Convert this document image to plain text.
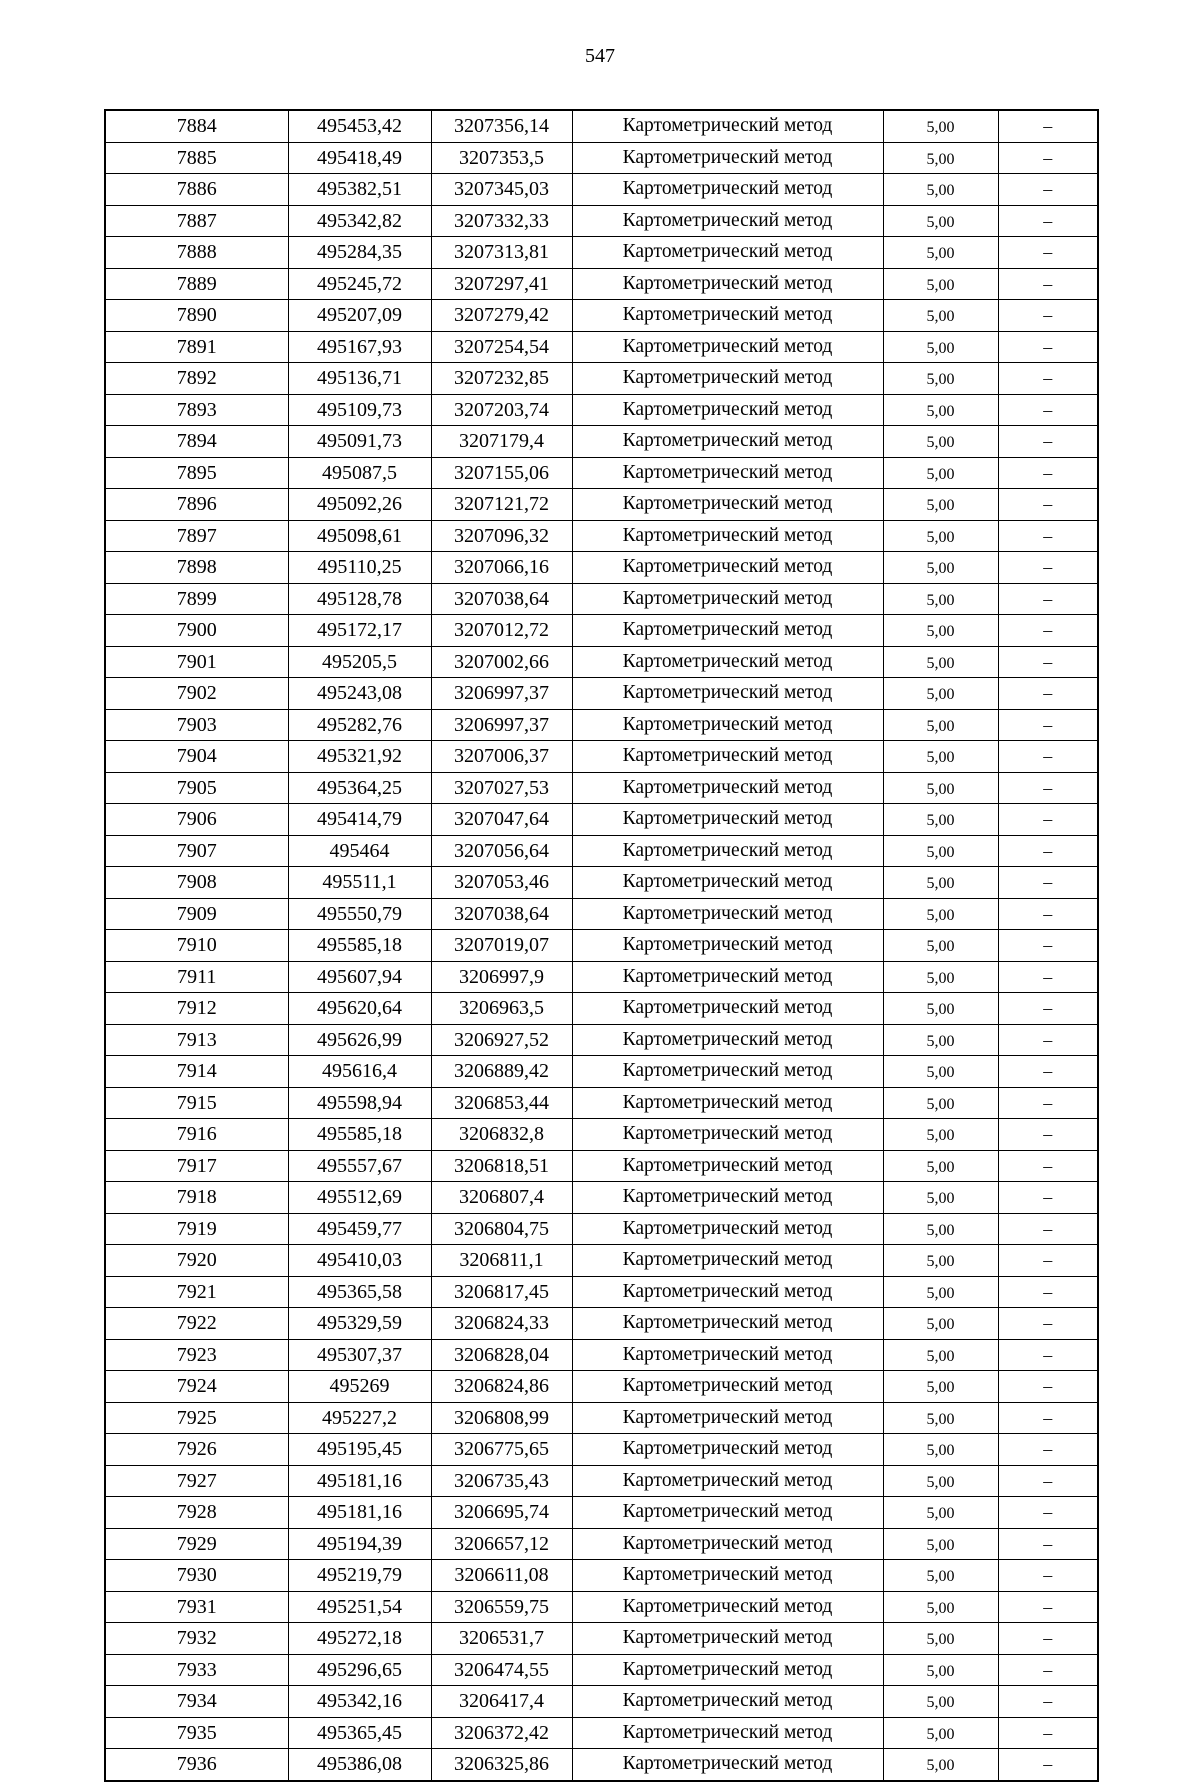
547
7884	495453,42	3207356,14	Картометрический метод	5,00	–
7885	495418,49	3207353,5	Картометрический метод	5,00	–
7886	495382,51	3207345,03	Картометрический метод	5,00	–
7887	495342,82	3207332,33	Картометрический метод	5,00	–
7888	495284,35	3207313,81	Картометрический метод	5,00	–
7889	495245,72	3207297,41	Картометрический метод	5,00	–
7890	495207,09	3207279,42	Картометрический метод	5,00	–
7891	495167,93	3207254,54	Картометрический метод	5,00	–
7892	495136,71	3207232,85	Картометрический метод	5,00	–
7893	495109,73	3207203,74	Картометрический метод	5,00	–
7894	495091,73	3207179,4	Картометрический метод	5,00	–
7895	495087,5	3207155,06	Картометрический метод	5,00	–
7896	495092,26	3207121,72	Картометрический метод	5,00	–
7897	495098,61	3207096,32	Картометрический метод	5,00	–
7898	495110,25	3207066,16	Картометрический метод	5,00	–
7899	495128,78	3207038,64	Картометрический метод	5,00	–
7900	495172,17	3207012,72	Картометрический метод	5,00	–
7901	495205,5	3207002,66	Картометрический метод	5,00	–
7902	495243,08	3206997,37	Картометрический метод	5,00	–
7903	495282,76	3206997,37	Картометрический метод	5,00	–
7904	495321,92	3207006,37	Картометрический метод	5,00	–
7905	495364,25	3207027,53	Картометрический метод	5,00	–
7906	495414,79	3207047,64	Картометрический метод	5,00	–
7907	495464	3207056,64	Картометрический метод	5,00	–
7908	495511,1	3207053,46	Картометрический метод	5,00	–
7909	495550,79	3207038,64	Картометрический метод	5,00	–
7910	495585,18	3207019,07	Картометрический метод	5,00	–
7911	495607,94	3206997,9	Картометрический метод	5,00	–
7912	495620,64	3206963,5	Картометрический метод	5,00	–
7913	495626,99	3206927,52	Картометрический метод	5,00	–
7914	495616,4	3206889,42	Картометрический метод	5,00	–
7915	495598,94	3206853,44	Картометрический метод	5,00	–
7916	495585,18	3206832,8	Картометрический метод	5,00	–
7917	495557,67	3206818,51	Картометрический метод	5,00	–
7918	495512,69	3206807,4	Картометрический метод	5,00	–
7919	495459,77	3206804,75	Картометрический метод	5,00	–
7920	495410,03	3206811,1	Картометрический метод	5,00	–
7921	495365,58	3206817,45	Картометрический метод	5,00	–
7922	495329,59	3206824,33	Картометрический метод	5,00	–
7923	495307,37	3206828,04	Картометрический метод	5,00	–
7924	495269	3206824,86	Картометрический метод	5,00	–
7925	495227,2	3206808,99	Картометрический метод	5,00	–
7926	495195,45	3206775,65	Картометрический метод	5,00	–
7927	495181,16	3206735,43	Картометрический метод	5,00	–
7928	495181,16	3206695,74	Картометрический метод	5,00	–
7929	495194,39	3206657,12	Картометрический метод	5,00	–
7930	495219,79	3206611,08	Картометрический метод	5,00	–
7931	495251,54	3206559,75	Картометрический метод	5,00	–
7932	495272,18	3206531,7	Картометрический метод	5,00	–
7933	495296,65	3206474,55	Картометрический метод	5,00	–
7934	495342,16	3206417,4	Картометрический метод	5,00	–
7935	495365,45	3206372,42	Картометрический метод	5,00	–
7936	495386,08	3206325,86	Картометрический метод	5,00	–
